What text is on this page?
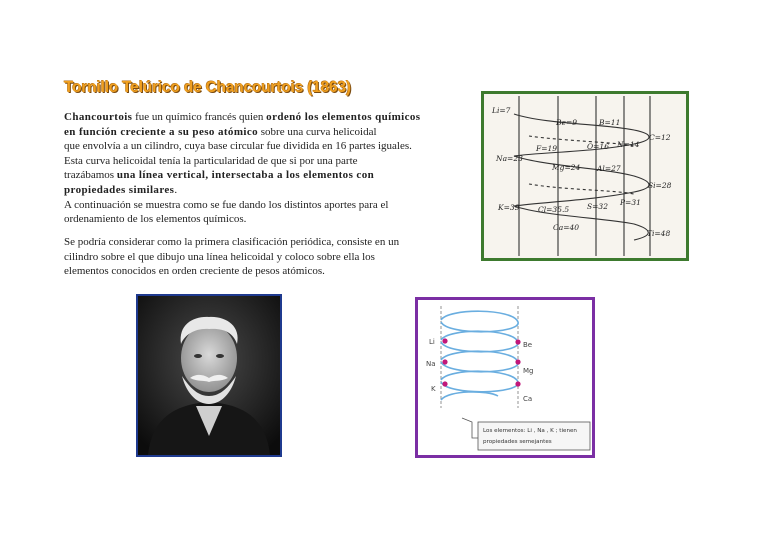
Tornillo Telúrico de Chancourtois (1863)
Chancourtois fue un químico francés quien ordenó los elementos químicos
en función creciente a su peso atómico sobre una curva helicoidal
que envolvía a un cilindro, cuya base circular fue dividida en 16 partes iguales.
Esta curva helicoidal tenía la particularidad de que si por una parte
trazábamos una línea vertical, intersectaba a los elementos con
propiedades similares.
A continuación se muestra como se fue dando los distintos aportes para el
ordenamiento de los elementos químicos.
Se podría considerar como la primera clasificación periódica, consiste en un
cilindro sobre el que dibujo una línea helicoidal y coloco sobre ella los
elementos conocidos en orden creciente de pesos atómicos.
Li=7
Be=9	B=11
C=12
F=19	O=16 N=14
Na=23
Mg=24 Al=27
Si=28
K=39 Cl=35.5 S=32 P=31
Ca=40
Ti=48
Li
Na
K
Be
Mg
Ca
Los elementos: Li , Na , K ; tienen
propiedades semejantes
